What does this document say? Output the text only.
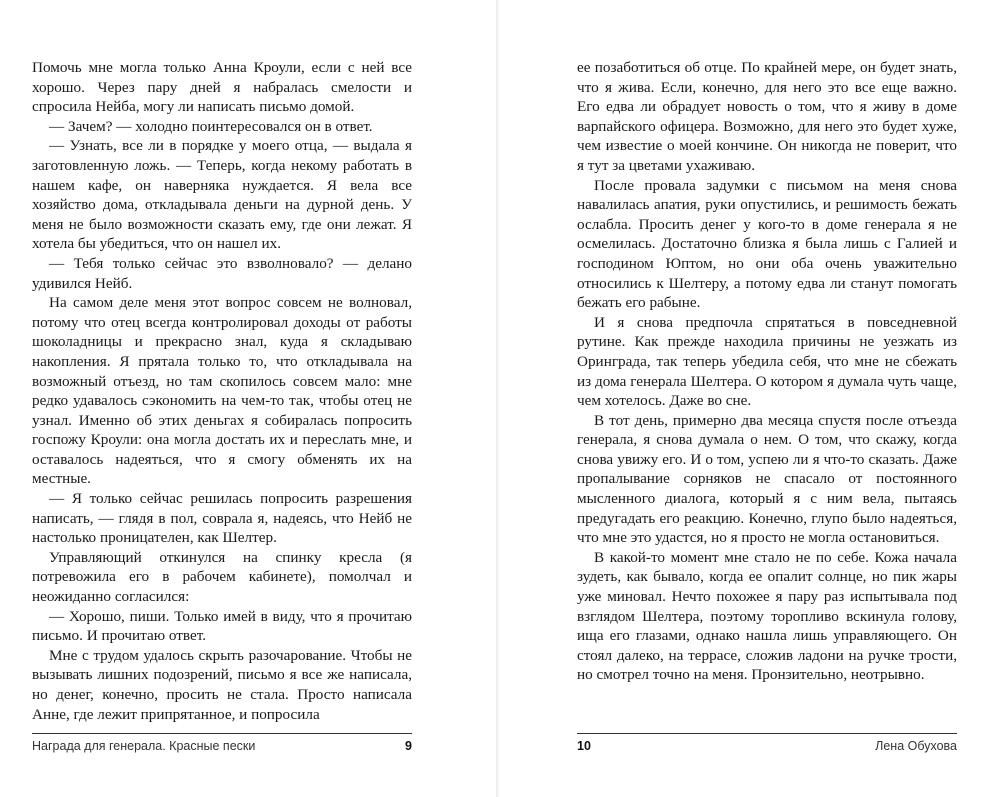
Помочь мне могла только Анна Кроули, если с ней все хорошо. Через пару дней я набралась смелости и спросила Нейба, могу ли написать письмо домой.

— Зачем? — холодно поинтересовался он в ответ.

— Узнать, все ли в порядке у моего отца, — выдала я заготовленную ложь. — Теперь, когда некому работать в нашем кафе, он наверняка нуждается. Я вела все хозяйство дома, откладывала деньги на дурной день. У меня не было возможности сказать ему, где они лежат. Я хотела бы убедиться, что он нашел их.

— Тебя только сейчас это взволновало? — делано удивился Нейб.

На самом деле меня этот вопрос совсем не волновал, потому что отец всегда контролировал доходы от работы шоколадницы и прекрасно знал, куда я складываю накопления. Я прятала только то, что откладывала на возможный отъезд, но там скопилось совсем мало: мне редко удавалось сэкономить на чем-то так, чтобы отец не узнал. Именно об этих деньгах я собиралась попросить госпожу Кроули: она могла достать их и переслать мне, и оставалось надеяться, что я смогу обменять их на местные.

— Я только сейчас решилась попросить разрешения написать, — глядя в пол, соврала я, надеясь, что Нейб не настолько проницателен, как Шелтер.

Управляющий откинулся на спинку кресла (я потревожила его в рабочем кабинете), помолчал и неожиданно согласился:

— Хорошо, пиши. Только имей в виду, что я прочитаю письмо. И прочитаю ответ.

Мне с трудом удалось скрыть разочарование. Чтобы не вызывать лишних подозрений, письмо я все же написала, но денег, конечно, просить не стала. Просто написала Анне, где лежит припрятанное, и попросила

Награда для генерала. Красные пески	9

ее позаботиться об отце. По крайней мере, он будет знать, что я жива. Если, конечно, для него это все еще важно. Его едва ли обрадует новость о том, что я живу в доме варпайского офицера. Возможно, для него это будет хуже, чем известие о моей кончине. Он никогда не поверит, что я тут за цветами ухаживаю.

После провала задумки с письмом на меня снова навалилась апатия, руки опустились, и решимость бежать ослабла. Просить денег у кого-то в доме генерала я не осмелилась. Достаточно близка я была лишь с Галией и господином Юптом, но они оба очень уважительно относились к Шелтеру, а потому едва ли станут помогать бежать его рабыне.

И я снова предпочла спрятаться в повседневной рутине. Как прежде находила причины не уезжать из Оринграда, так теперь убедила себя, что мне не сбежать из дома генерала Шелтера. О котором я думала чуть чаще, чем хотелось. Даже во сне.

В тот день, примерно два месяца спустя после отъезда генерала, я снова думала о нем. О том, что скажу, когда снова увижу его. И о том, успею ли я что-то сказать. Даже пропалывание сорняков не спасало от постоянного мысленного диалога, который я с ним вела, пытаясь предугадать его реакцию. Конечно, глупо было надеяться, что мне это удастся, но я просто не могла остановиться.

В какой-то момент мне стало не по себе. Кожа начала зудеть, как бывало, когда ее опалит солнце, но пик жары уже миновал. Нечто похожее я пару раз испытывала под взглядом Шелтера, поэтому торопливо вскинула голову, ища его глазами, однако нашла лишь управляющего. Он стоял далеко, на террасе, сложив ладони на ручке трости, но смотрел точно на меня. Пронзительно, неотрывно.

10	Лена Обухова
